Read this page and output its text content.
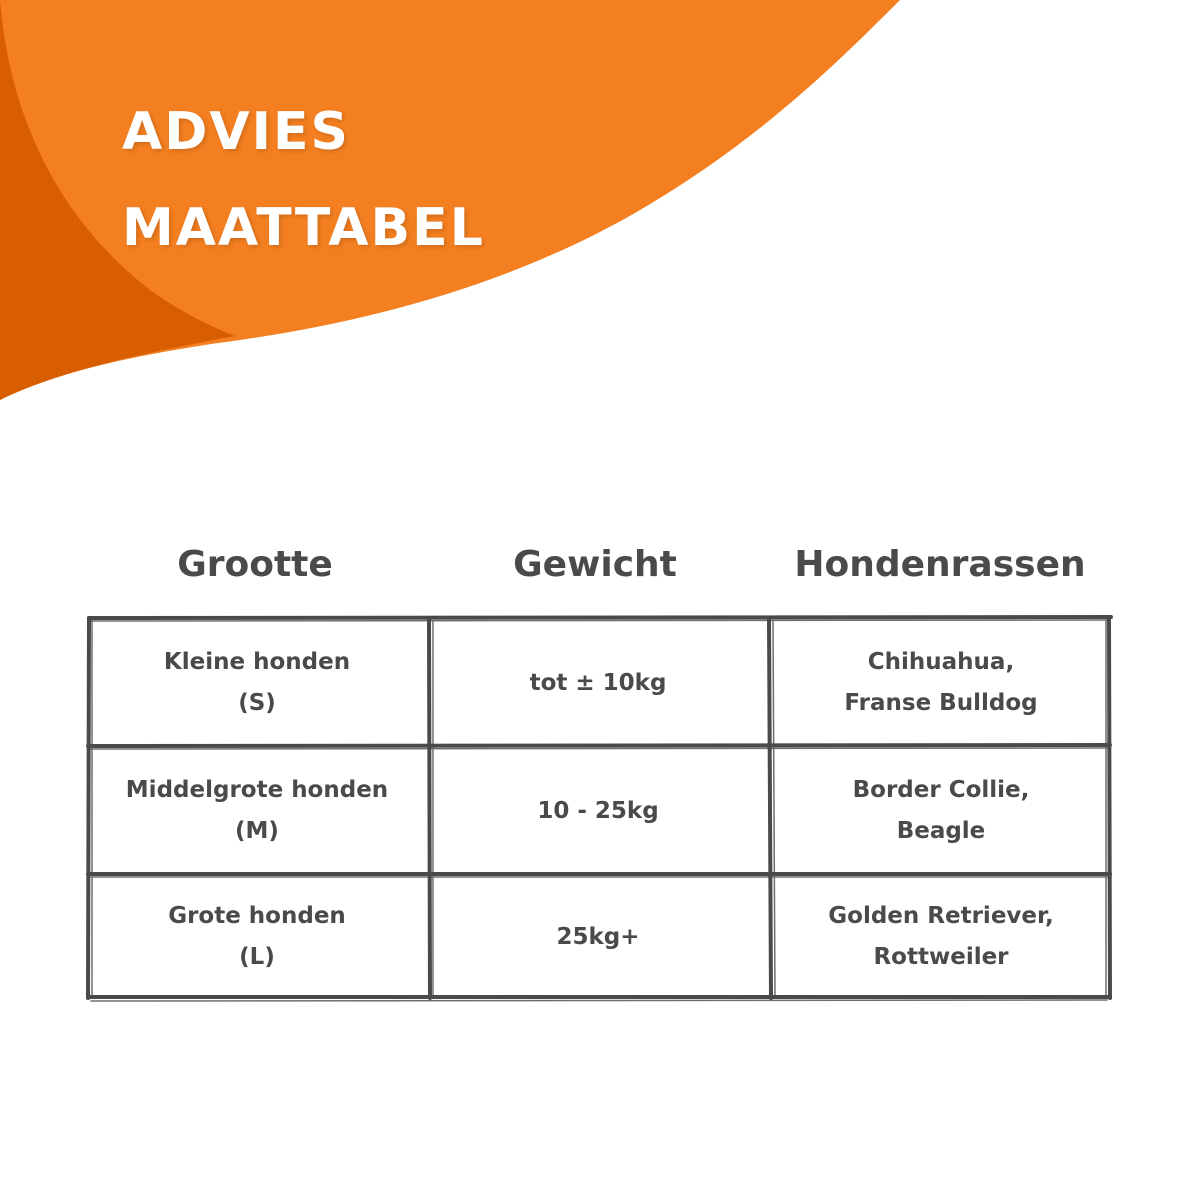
ADVIES
MAATTABEL
Grootte	Gewicht	Hondenrassen
Kleine honden
(S)
tot ± 10kg
Chihuahua,
Franse Bulldog
Middelgrote honden
(M)
10 - 25kg
Border Collie,
Beagle
Grote honden
(L)
25kg+
Golden Retriever,
Rottweiler
